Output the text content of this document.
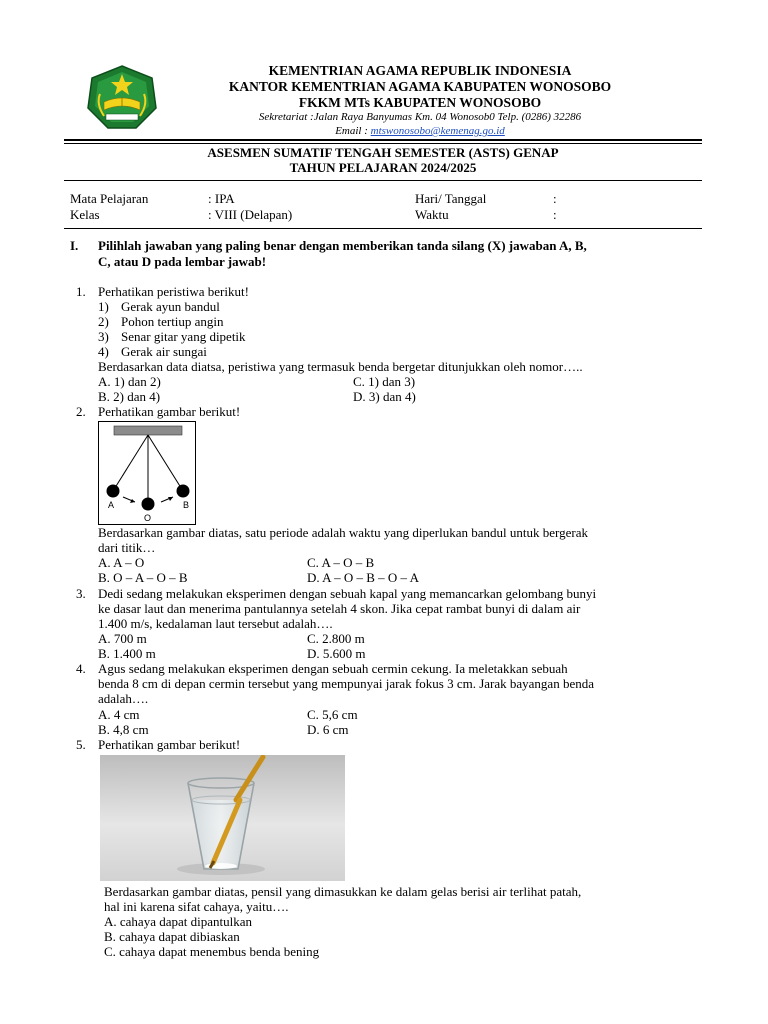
KEMENTRIAN AGAMA REPUBLIK INDONESIA
KANTOR KEMENTRIAN AGAMA KABUPATEN WONOSOBO
FKKM MTs KABUPATEN WONOSOBO
Sekretariat :Jalan Raya Banyumas Km. 04 Wonosob0 Telp. (0286) 32286
Email : mtswonosobo@kemenag.go.id
ASESMEN SUMATIF TENGAH SEMESTER (ASTS) GENAP
TAHUN PELAJARAN 2024/2025
Mata Pelajaran	: IPA	Hari/ Tanggal	:
Kelas	: VIII (Delapan)	Waktu	:
I. Pilihlah jawaban yang paling benar dengan memberikan tanda silang (X) jawaban A, B,
C, atau D pada lembar jawab!
1. Perhatikan peristiwa berikut!
1) Gerak ayun bandul
2) Pohon tertiup angin
3) Senar gitar yang dipetik
4) Gerak air sungai
Berdasarkan data diatsa, peristiwa yang termasuk benda bergetar ditunjukkan oleh nomor…..
A. 1) dan 2)	C. 1) dan 3)
B. 2) dan 4)	D. 3) dan 4)
2. Perhatikan gambar berikut!
A
O
B
Berdasarkan gambar diatas, satu periode adalah waktu yang diperlukan bandul untuk bergerak
dari titik…
A. A – O	C. A – O – B
B. O – A – O – B	D. A – O – B – O – A
3. Dedi sedang melakukan eksperimen dengan sebuah kapal yang memancarkan gelombang bunyi
ke dasar laut dan menerima pantulannya setelah 4 skon. Jika cepat rambat bunyi di dalam air
1.400 m/s, kedalaman laut tersebut adalah….
A. 700 m	C. 2.800 m
B. 1.400 m	D. 5.600 m
4. Agus sedang melakukan eksperimen dengan sebuah cermin cekung. Ia meletakkan sebuah
benda 8 cm di depan cermin tersebut yang mempunyai jarak fokus 3 cm. Jarak bayangan benda
adalah….
A. 4 cm	C. 5,6 cm
B. 4,8 cm	D. 6 cm
5. Perhatikan gambar berikut!
Berdasarkan gambar diatas, pensil yang dimasukkan ke dalam gelas berisi air terlihat patah,
hal ini karena sifat cahaya, yaitu….
A. cahaya dapat dipantulkan
B. cahaya dapat dibiaskan
C. cahaya dapat menembus benda bening
